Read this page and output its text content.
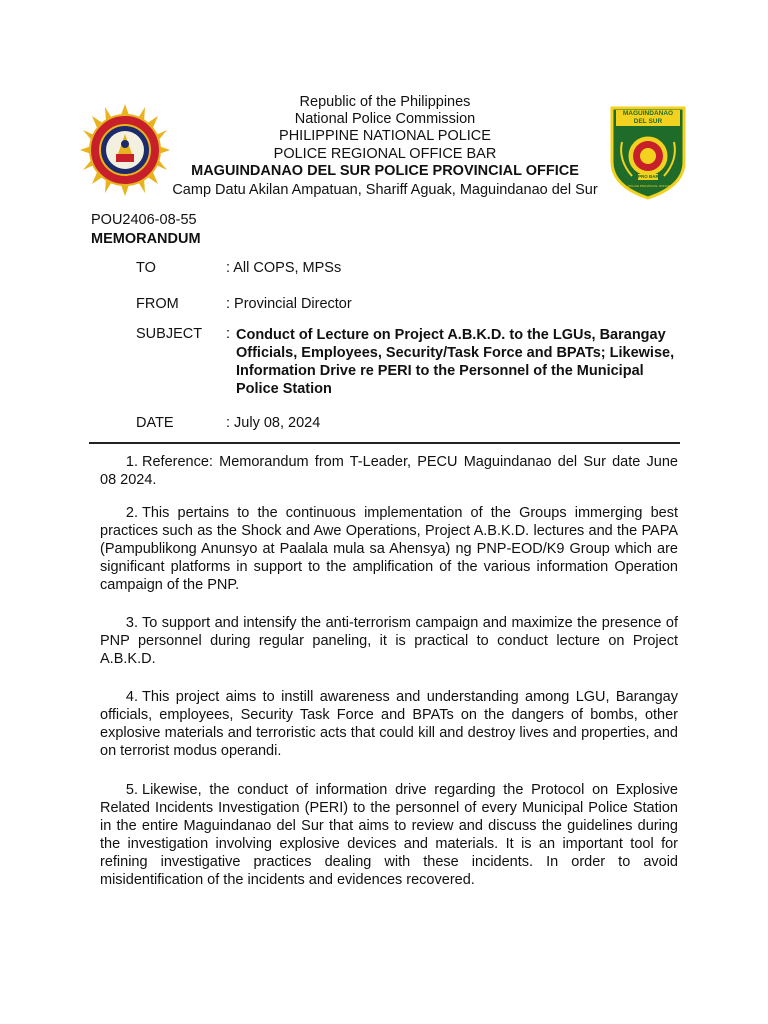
MAGUINDANAO DEL SUR
PRO BAR
POLICE PROVINCIAL OFFICE
Republic of the Philippines
National Police Commission
PHILIPPINE NATIONAL POLICE
POLICE REGIONAL OFFICE BAR
MAGUINDANAO DEL SUR POLICE PROVINCIAL OFFICE
Camp Datu Akilan Ampatuan, Shariff Aguak, Maguindanao del Sur
POU2406-08-55
MEMORANDUM
TO	: All COPS, MPSs
FROM	: Provincial Director
SUBJECT : Conduct of Lecture on Project A.B.K.D. to the LGUs, Barangay Officials, Employees, Security/Task Force and BPATs; Likewise, Information Drive re PERI to the Personnel of the Municipal Police Station
DATE	: July 08, 2024
1. Reference: Memorandum from T-Leader, PECU Maguindanao del Sur date June 08 2024.
2. This pertains to the continuous implementation of the Groups immerging best practices such as the Shock and Awe Operations, Project A.B.K.D. lectures and the PAPA (Pampublikong Anunsyo at Paalala mula sa Ahensya) ng PNP-EOD/K9 Group which are significant platforms in support to the amplification of the various information Operation campaign of the PNP.
3. To support and intensify the anti-terrorism campaign and maximize the presence of PNP personnel during regular paneling, it is practical to conduct lecture on Project A.B.K.D.
4. This project aims to instill awareness and understanding among LGU, Barangay officials, employees, Security Task Force and BPATs on the dangers of bombs, other explosive materials and terroristic acts that could kill and destroy lives and properties, and on terrorist modus operandi.
5. Likewise, the conduct of information drive regarding the Protocol on Explosive Related Incidents Investigation (PERI) to the personnel of every Municipal Police Station in the entire Maguindanao del Sur that aims to review and discuss the guidelines during the investigation involving explosive devices and materials. It is an important tool for refining investigative practices dealing with these incidents. In order to avoid misidentification of the incidents and evidences recovered.
